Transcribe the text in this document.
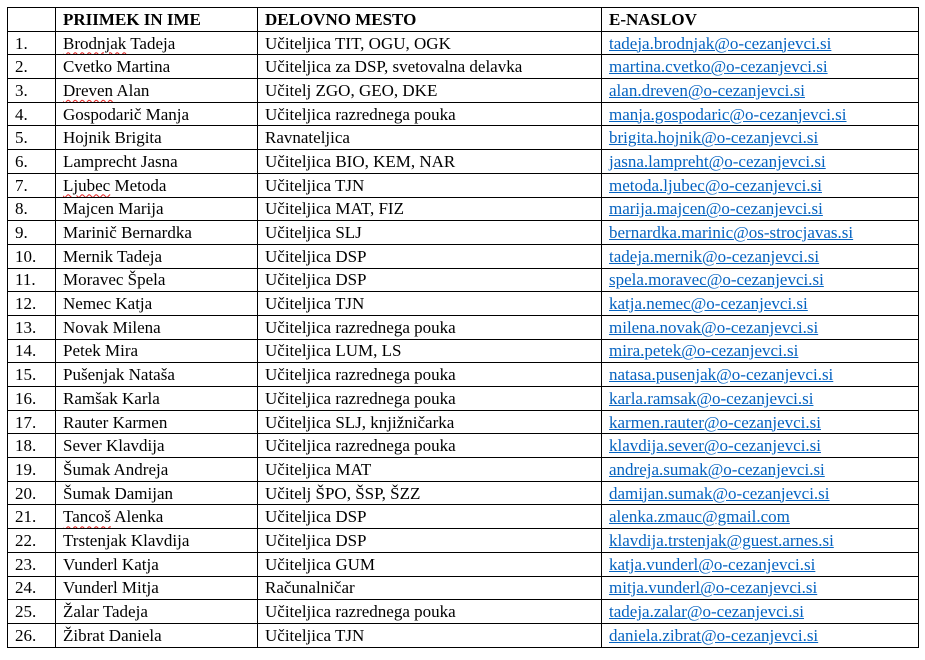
	PRIIMEK IN IME	DELOVNO MESTO	E-NASLOV
1.	Brodnjak Tadeja	Učiteljica TIT, OGU, OGK	tadeja.brodnjak@o-cezanjevci.si
2.	Cvetko Martina	Učiteljica za DSP, svetovalna delavka	martina.cvetko@o-cezanjevci.si
3.	Dreven Alan	Učitelj ZGO, GEO, DKE	alan.dreven@o-cezanjevci.si
4.	Gospodarič Manja	Učiteljica razrednega pouka	manja.gospodaric@o-cezanjevci.si
5.	Hojnik Brigita	Ravnateljica	brigita.hojnik@o-cezanjevci.si
6.	Lamprecht Jasna	Učiteljica BIO, KEM, NAR	jasna.lampreht@o-cezanjevci.si
7.	Ljubec Metoda	Učiteljica TJN	metoda.ljubec@o-cezanjevci.si
8.	Majcen Marija	Učiteljica MAT, FIZ	marija.majcen@o-cezanjevci.si
9.	Marinič Bernardka	Učiteljica SLJ	bernardka.marinic@os-strocjavas.si
10.	Mernik Tadeja	Učiteljica DSP	tadeja.mernik@o-cezanjevci.si
11.	Moravec Špela	Učiteljica DSP	spela.moravec@o-cezanjevci.si
12.	Nemec Katja	Učiteljica TJN	katja.nemec@o-cezanjevci.si
13.	Novak Milena	Učiteljica razrednega pouka	milena.novak@o-cezanjevci.si
14.	Petek Mira	Učiteljica LUM, LS	mira.petek@o-cezanjevci.si
15.	Pušenjak Nataša	Učiteljica razrednega pouka	natasa.pusenjak@o-cezanjevci.si
16.	Ramšak Karla	Učiteljica razrednega pouka	karla.ramsak@o-cezanjevci.si
17.	Rauter Karmen	Učiteljica SLJ, knjižničarka	karmen.rauter@o-cezanjevci.si
18.	Sever Klavdija	Učiteljica razrednega pouka	klavdija.sever@o-cezanjevci.si
19.	Šumak Andreja	Učiteljica MAT	andreja.sumak@o-cezanjevci.si
20.	Šumak Damijan	Učitelj ŠPO, ŠSP, ŠZZ	damijan.sumak@o-cezanjevci.si
21.	Tancoš Alenka	Učiteljica DSP	alenka.zmauc@gmail.com
22.	Trstenjak Klavdija	Učiteljica DSP	klavdija.trstenjak@guest.arnes.si
23.	Vunderl Katja	Učiteljica GUM	katja.vunderl@o-cezanjevci.si
24.	Vunderl Mitja	Računalničar	mitja.vunderl@o-cezanjevci.si
25.	Žalar Tadeja	Učiteljica razrednega pouka	tadeja.zalar@o-cezanjevci.si
26.	Žibrat Daniela	Učiteljica TJN	daniela.zibrat@o-cezanjevci.si
